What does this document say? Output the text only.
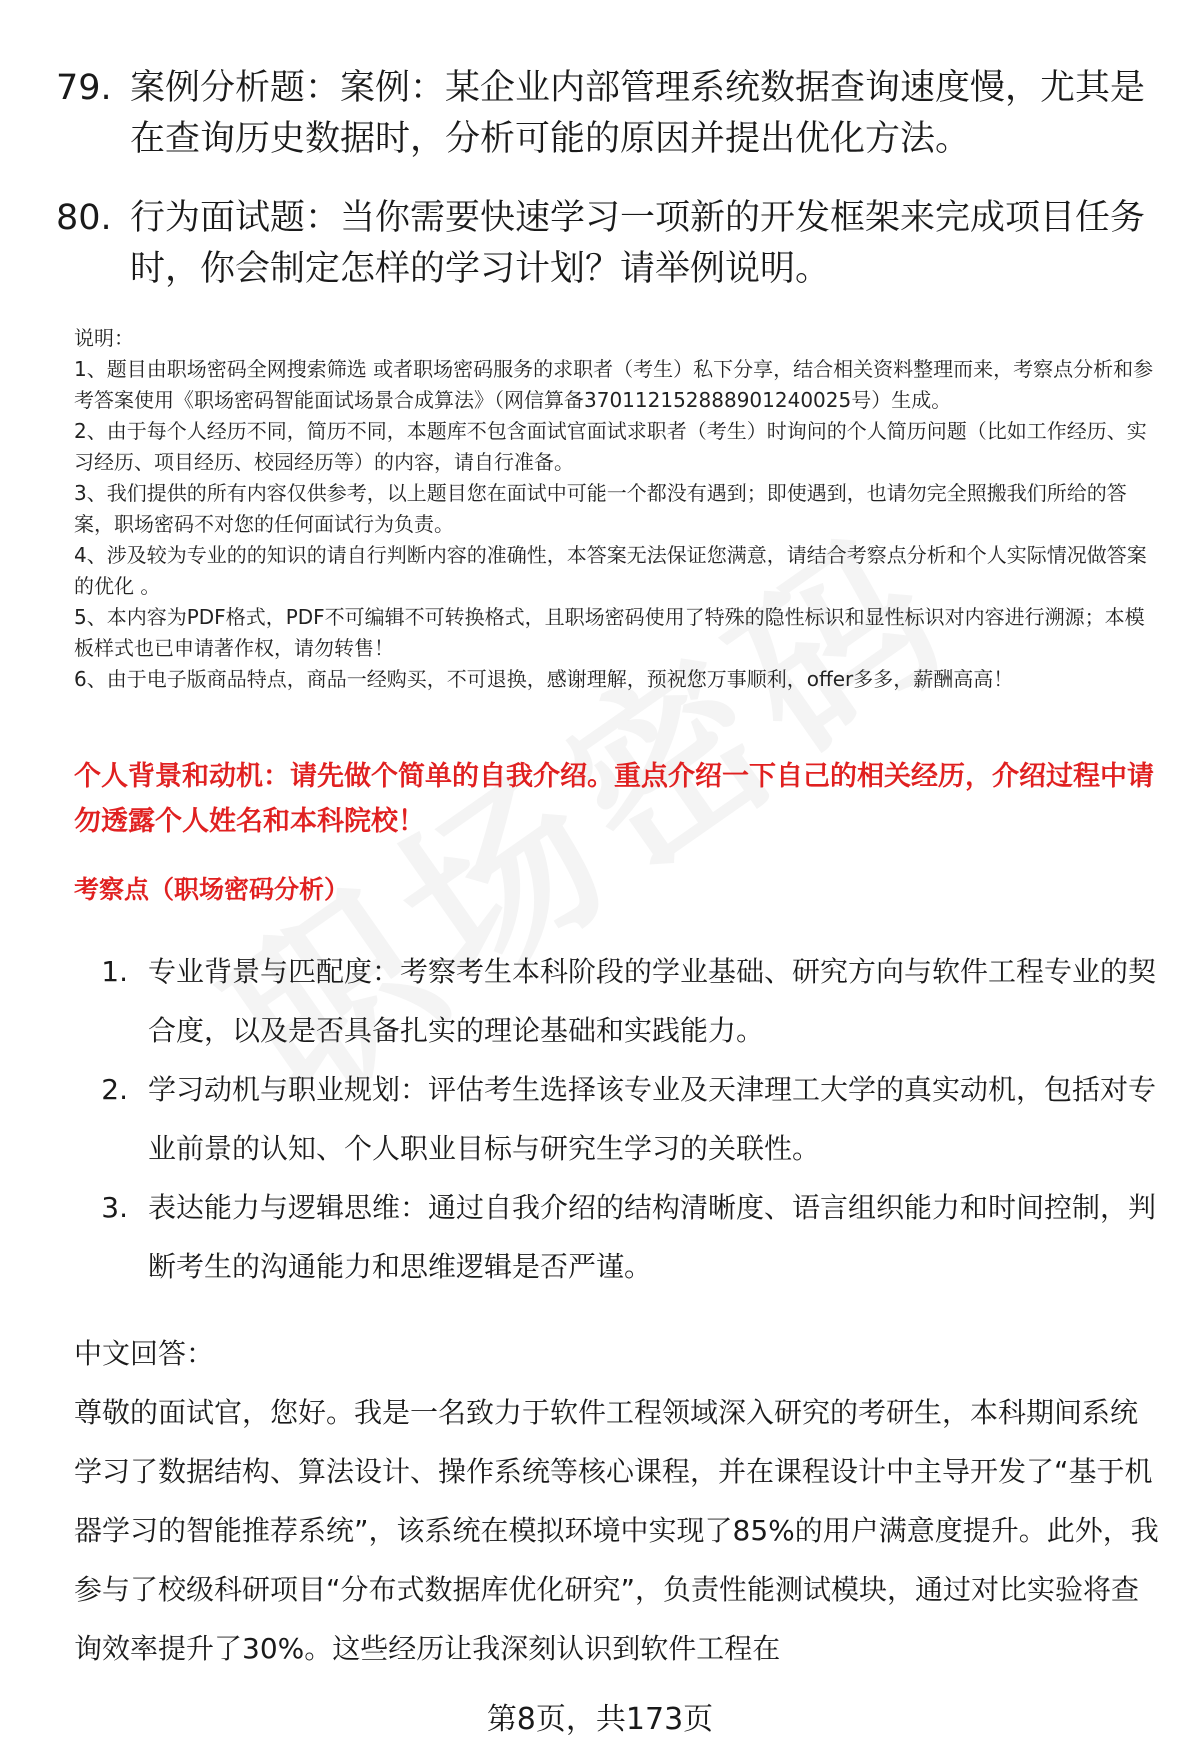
79. 案例分析题：案例：某企业内部管理系统数据查询速度慢，尤其是在查询历史数据时，分析可能的原因并提出优化方法。
80. 行为面试题：当你需要快速学习一项新的开发框架来完成项目任务时，你会制定怎样的学习计划？请举例说明。
说明：
1、题目由职场密码全网搜索筛选 或者职场密码服务的求职者（考生）私下分享，结合相关资料整理而来，考察点分析和参考答案使用《职场密码智能面试场景合成算法》（网信算备370112152888901240025号）生成。
2、由于每个人经历不同，简历不同，本题库不包含面试官面试求职者（考生）时询问的个人简历问题（比如工作经历、实习经历、项目经历、校园经历等）的内容，请自行准备。
3、我们提供的所有内容仅供参考，以上题目您在面试中可能一个都没有遇到；即使遇到，也请勿完全照搬我们所给的答案，职场密码不对您的任何面试行为负责。
4、涉及较为专业的的知识的请自行判断内容的准确性，本答案无法保证您满意，请结合考察点分析和个人实际情况做答案的优化 。
5、本内容为PDF格式，PDF不可编辑不可转换格式，且职场密码使用了特殊的隐性标识和显性标识对内容进行溯源；本模板样式也已申请著作权，请勿转售！
6、由于电子版商品特点，商品一经购买，不可退换，感谢理解，预祝您万事顺利，offer多多，薪酬高高！
个人背景和动机：请先做个简单的自我介绍。重点介绍一下自己的相关经历，介绍过程中请勿透露个人姓名和本科院校！
考察点（职场密码分析）
1. 专业背景与匹配度：考察考生本科阶段的学业基础、研究方向与软件工程专业的契合度，以及是否具备扎实的理论基础和实践能力。
2. 学习动机与职业规划：评估考生选择该专业及天津理工大学的真实动机，包括对专业前景的认知、个人职业目标与研究生学习的关联性。
3. 表达能力与逻辑思维：通过自我介绍的结构清晰度、语言组织能力和时间控制，判断考生的沟通能力和思维逻辑是否严谨。
中文回答：
尊敬的面试官，您好。我是一名致力于软件工程领域深入研究的考研生，本科期间系统学习了数据结构、算法设计、操作系统等核心课程，并在课程设计中主导开发了“基于机器学习的智能推荐系统”，该系统在模拟环境中实现了85%的用户满意度提升。此外，我参与了校级科研项目“分布式数据库优化研究”，负责性能测试模块，通过对比实验将查询效率提升了30%。这些经历让我深刻认识到软件工程在
第8页，共173页
